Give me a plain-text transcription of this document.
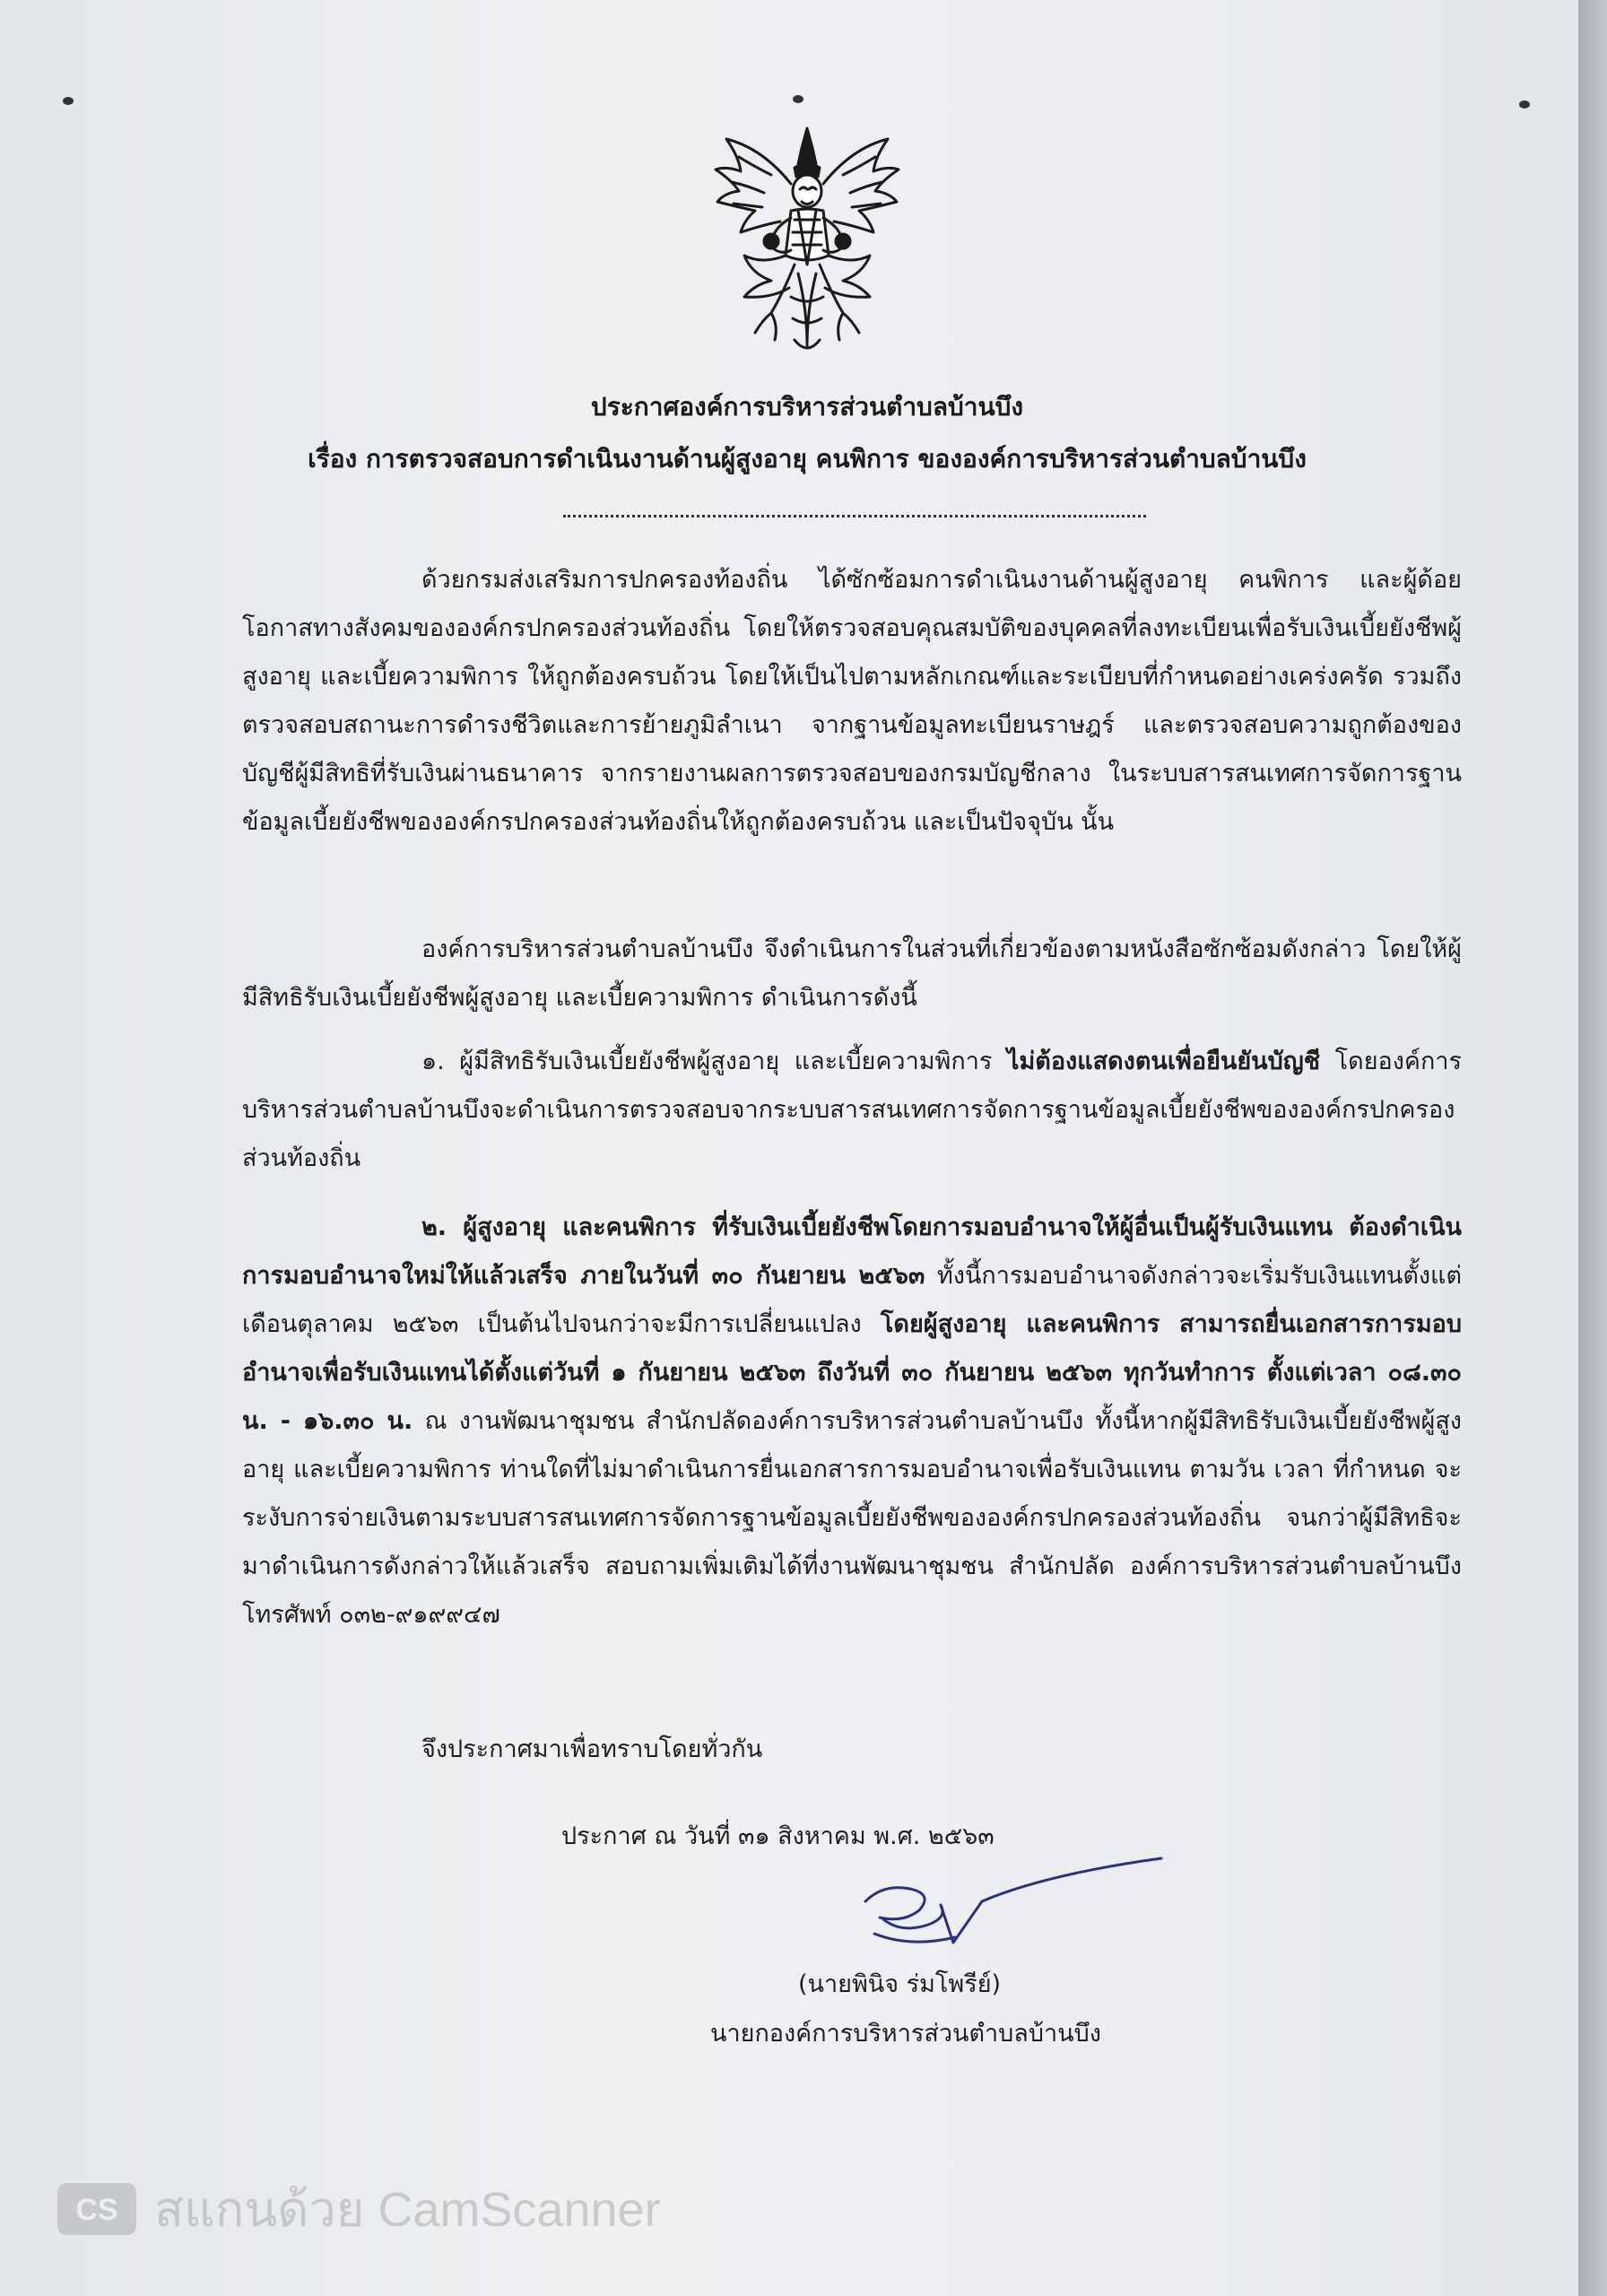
ประกาศองค์การบริหารส่วนตำบลบ้านบึง

เรื่อง การตรวจสอบการดำเนินงานด้านผู้สูงอายุ คนพิการ ขององค์การบริหารส่วนตำบลบ้านบึง

ด้วยกรมส่งเสริมการปกครองท้องถิ่น ได้ซักซ้อมการดำเนินงานด้านผู้สูงอายุ คนพิการ และผู้ด้อยโอกาสทางสังคมขององค์กรปกครองส่วนท้องถิ่น โดยให้ตรวจสอบคุณสมบัติของบุคคลที่ลงทะเบียนเพื่อรับเงินเบี้ยยังชีพผู้สูงอายุ และเบี้ยความพิการ ให้ถูกต้องครบถ้วน โดยให้เป็นไปตามหลักเกณฑ์และระเบียบที่กำหนดอย่างเคร่งครัด รวมถึงตรวจสอบสถานะการดำรงชีวิตและการย้ายภูมิลำเนา จากฐานข้อมูลทะเบียนราษฎร์ และตรวจสอบความถูกต้องของบัญชีผู้มีสิทธิที่รับเงินผ่านธนาคาร จากรายงานผลการตรวจสอบของกรมบัญชีกลาง ในระบบสารสนเทศการจัดการฐานข้อมูลเบี้ยยังชีพขององค์กรปกครองส่วนท้องถิ่นให้ถูกต้องครบถ้วน และเป็นปัจจุบัน นั้น

องค์การบริหารส่วนตำบลบ้านบึง จึงดำเนินการในส่วนที่เกี่ยวข้องตามหนังสือซักซ้อมดังกล่าว โดยให้ผู้มีสิทธิรับเงินเบี้ยยังชีพผู้สูงอายุ และเบี้ยความพิการ ดำเนินการดังนี้

๑. ผู้มีสิทธิรับเงินเบี้ยยังชีพผู้สูงอายุ และเบี้ยความพิการ ไม่ต้องแสดงตนเพื่อยืนยันบัญชี โดยองค์การบริหารส่วนตำบลบ้านบึงจะดำเนินการตรวจสอบจากระบบสารสนเทศการจัดการฐานข้อมูลเบี้ยยังชีพขององค์กรปกครองส่วนท้องถิ่น

๒. ผู้สูงอายุ และคนพิการ ที่รับเงินเบี้ยยังชีพโดยการมอบอำนาจให้ผู้อื่นเป็นผู้รับเงินแทน ต้องดำเนินการมอบอำนาจใหม่ให้แล้วเสร็จ ภายในวันที่ ๓๐ กันยายน ๒๕๖๓ ทั้งนี้การมอบอำนาจดังกล่าวจะเริ่มรับเงินแทนตั้งแต่เดือนตุลาคม ๒๕๖๓ เป็นต้นไปจนกว่าจะมีการเปลี่ยนแปลง โดยผู้สูงอายุ และคนพิการ สามารถยื่นเอกสารการมอบอำนาจเพื่อรับเงินแทนได้ตั้งแต่วันที่ ๑ กันยายน ๒๕๖๓ ถึงวันที่ ๓๐ กันยายน ๒๕๖๓ ทุกวันทำการ ตั้งแต่เวลา ๐๘.๓๐ น. - ๑๖.๓๐ น. ณ งานพัฒนาชุมชน สำนักปลัดองค์การบริหารส่วนตำบลบ้านบึง ทั้งนี้หากผู้มีสิทธิรับเงินเบี้ยยังชีพผู้สูงอายุ และเบี้ยความพิการ ท่านใดที่ไม่มาดำเนินการยื่นเอกสารการมอบอำนาจเพื่อรับเงินแทน ตามวัน เวลา ที่กำหนด จะระงับการจ่ายเงินตามระบบสารสนเทศการจัดการฐานข้อมูลเบี้ยยังชีพขององค์กรปกครองส่วนท้องถิ่น จนกว่าผู้มีสิทธิจะมาดำเนินการดังกล่าวให้แล้วเสร็จ สอบถามเพิ่มเติมได้ที่งานพัฒนาชุมชน สำนักปลัด องค์การบริหารส่วนตำบลบ้านบึง โทรศัพท์ ๐๓๒-๙๑๙๙๔๗

จึงประกาศมาเพื่อทราบโดยทั่วกัน

ประกาศ ณ วันที่ ๓๑ สิงหาคม พ.ศ. ๒๕๖๓

(นายพินิจ ร่มโพรีย์)

นายกองค์การบริหารส่วนตำบลบ้านบึง

CS สแกนด้วย CamScanner
